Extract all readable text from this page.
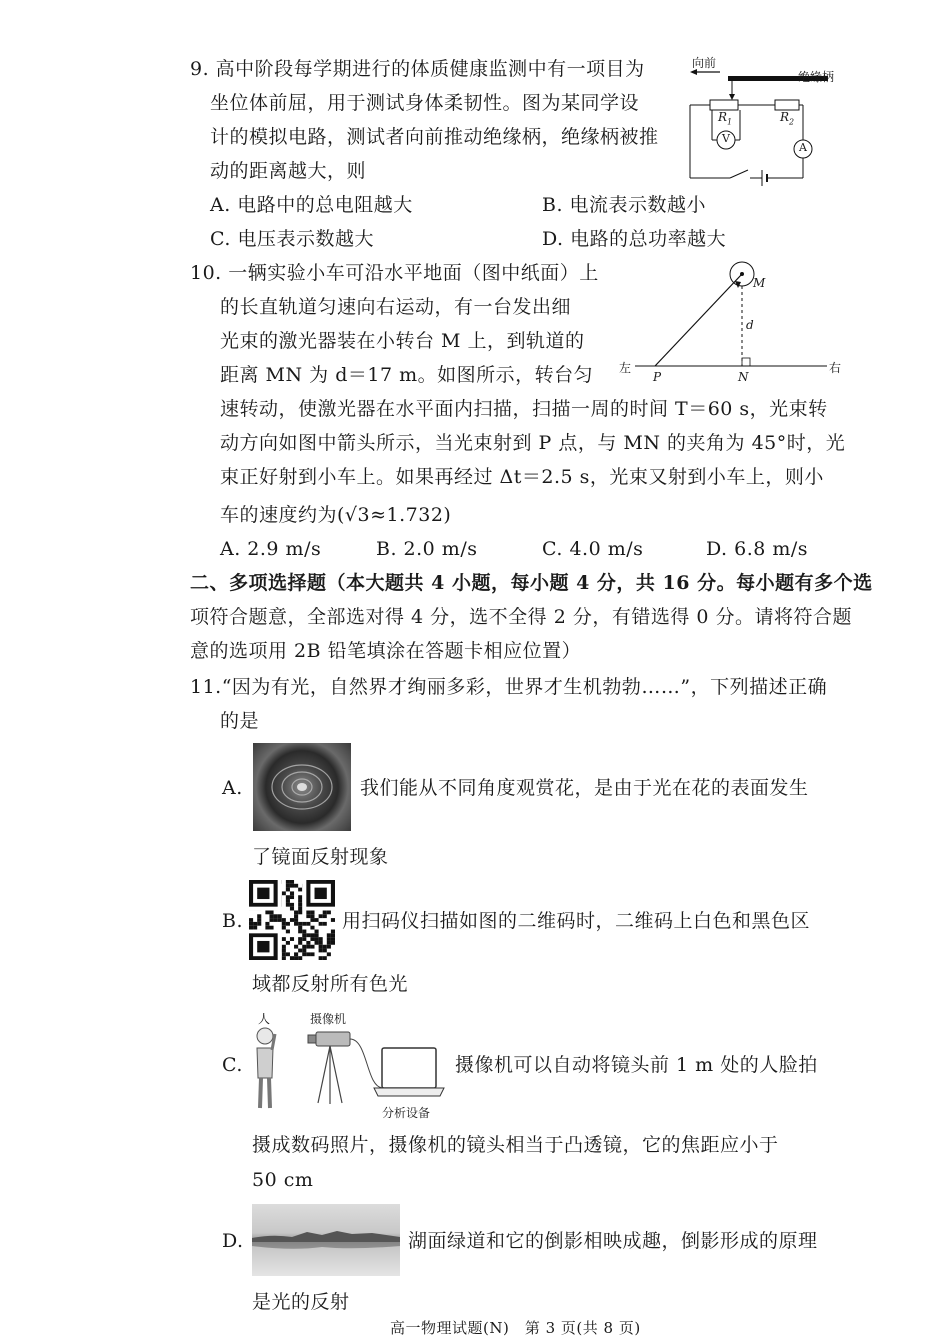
9. 高中阶段每学期进行的体质健康监测中有一项目为
坐位体前屈，用于测试身体柔韧性。图为某同学设
计的模拟电路，测试者向前推动绝缘柄，绝缘柄被推
动的距离越大，则
A. 电路中的总电阻越大	B. 电流表示数越小
C. 电压表示数越大	D. 电路的总功率越大
向前
绝缘柄
$R_1$	$R_2$
V
A
10. 一辆实验小车可沿水平地面（图中纸面）上
的长直轨道匀速向右运动，有一台发出细
光束的激光器装在小转台 M 上，到轨道的
距离 MN 为 d＝17 m。如图所示，转台匀
速转动，使激光器在水平面内扫描，扫描一周的时间 T＝60 s，光束转
动方向如图中箭头所示，当光束射到 P 点，与 MN 的夹角为 45°时，光
束正好射到小车上。如果再经过 Δt＝2.5 s，光束又射到小车上，则小
车的速度约为(√3≈1.732)
A. 2.9 m/s	B. 2.0 m/s	C. 4.0 m/s	D. 6.8 m/s
左	右
M
d
P	N
二、多项选择题（本大题共 4 小题，每小题 4 分，共 16 分。每小题有多个选
项符合题意，全部选对得 4 分，选不全得 2 分，有错选得 0 分。请将符合题
意的选项用 2B 铅笔填涂在答题卡相应位置）
11.“因为有光，自然界才绚丽多彩，世界才生机勃勃……”，下列描述正确
的是
A.	我们能从不同角度观赏花，是由于光在花的表面发生
了镜面反射现象
B.	用扫码仪扫描如图的二维码时，二维码上白色和黑色区
域都反射所有色光
C.
人	摄像机
分析设备
摄像机可以自动将镜头前 1 m 处的人脸拍
摄成数码照片，摄像机的镜头相当于凸透镜，它的焦距应小于
50 cm
D.	湖面绿道和它的倒影相映成趣，倒影形成的原理
是光的反射
高一物理试题(N)　第 3 页(共 8 页)
